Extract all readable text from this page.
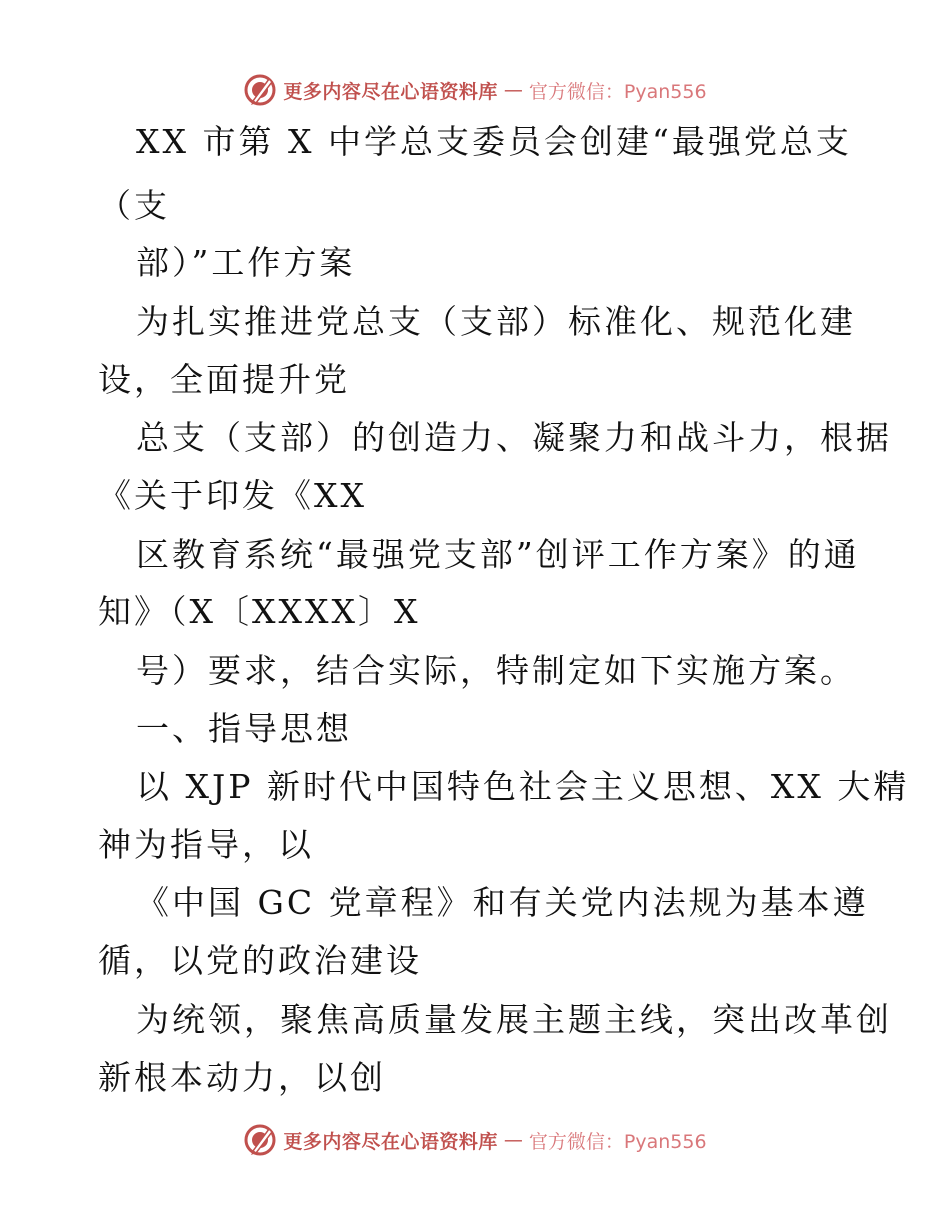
更多内容尽在心语资料库 — 官方微信：Pyan556
XX 市第 X 中学总支委员会创建“最强党总支
（支
部）”工作方案
为扎实推进党总支（支部）标准化、规范化建
设，全面提升党
总支（支部）的创造力、凝聚力和战斗力，根据
《关于印发《XX
区教育系统“最强党支部”创评工作方案》的通
知》（X〔XXXX〕X
号）要求，结合实际，特制定如下实施方案。
一、指导思想
以 XJP 新时代中国特色社会主义思想、XX 大精
神为指导，以
《中国 GC 党章程》和有关党内法规为基本遵
循，以党的政治建设
为统领，聚焦高质量发展主题主线，突出改革创
新根本动力，以创
更多内容尽在心语资料库 — 官方微信：Pyan556
